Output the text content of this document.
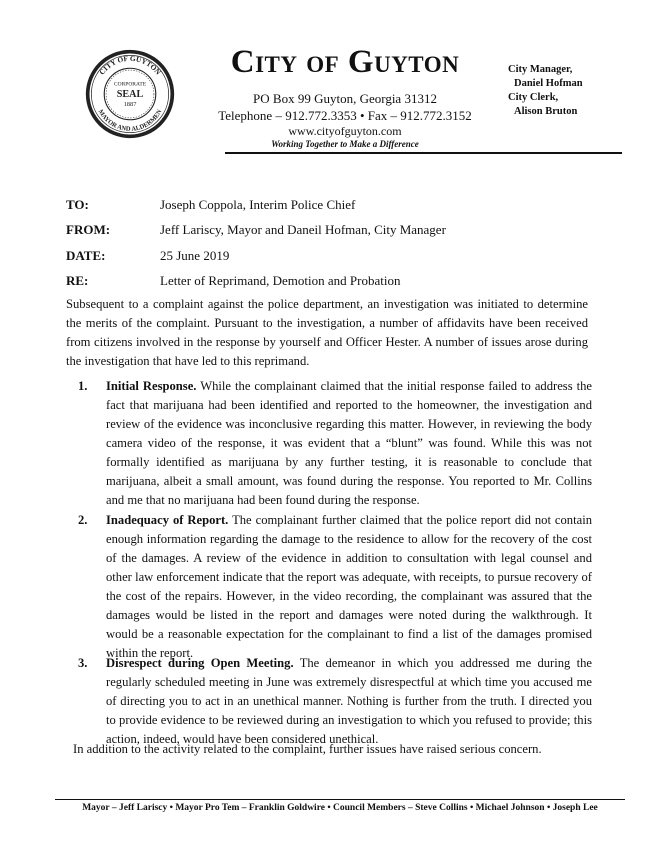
CITY OF GUYTON
MAYOR AND ALDERMEN
CORPORATE
SEAL
1887
City of Guyton
PO Box 99 Guyton, Georgia 31312
Telephone – 912.772.3353 • Fax – 912.772.3152
www.cityofguyton.com
Working Together to Make a Difference
City Manager,
Daniel Hofman
City Clerk,
Alison Bruton
TO:	Joseph Coppola, Interim Police Chief
FROM:	Jeff Lariscy, Mayor and Daneil Hofman, City Manager
DATE:	25 June 2019
RE:	Letter of Reprimand, Demotion and Probation
Subsequent to a complaint against the police department, an investigation was initiated to determine the merits of the complaint. Pursuant to the investigation, a number of affidavits have been received from citizens involved in the response by yourself and Officer Hester. A number of issues arose during the investigation that have led to this reprimand.
1. Initial Response. While the complainant claimed that the initial response failed to address the fact that marijuana had been identified and reported to the homeowner, the investigation and review of the evidence was inconclusive regarding this matter. However, in reviewing the body camera video of the response, it was evident that a “blunt” was found. While this was not formally identified as marijuana by any further testing, it is reasonable to conclude that marijuana, albeit a small amount, was found during the response. You reported to Mr. Collins and me that no marijuana had been found during the response.
2. Inadequacy of Report. The complainant further claimed that the police report did not contain enough information regarding the damage to the residence to allow for the recovery of the cost of the damages. A review of the evidence in addition to consultation with legal counsel and other law enforcement indicate that the report was adequate, with receipts, to pursue recovery of the cost of the repairs. However, in the video recording, the complainant was assured that the damages would be listed in the report and damages were noted during the walkthrough. It would be a reasonable expectation for the complainant to find a list of the damages promised within the report.
3. Disrespect during Open Meeting. The demeanor in which you addressed me during the regularly scheduled meeting in June was extremely disrespectful at which time you accused me of directing you to act in an unethical manner. Nothing is further from the truth. I directed you to provide evidence to be reviewed during an investigation to which you refused to provide; this action, indeed, would have been considered unethical.
In addition to the activity related to the complaint, further issues have raised serious concern.
Mayor – Jeff Lariscy • Mayor Pro Tem – Franklin Goldwire • Council Members – Steve Collins • Michael Johnson • Joseph Lee
